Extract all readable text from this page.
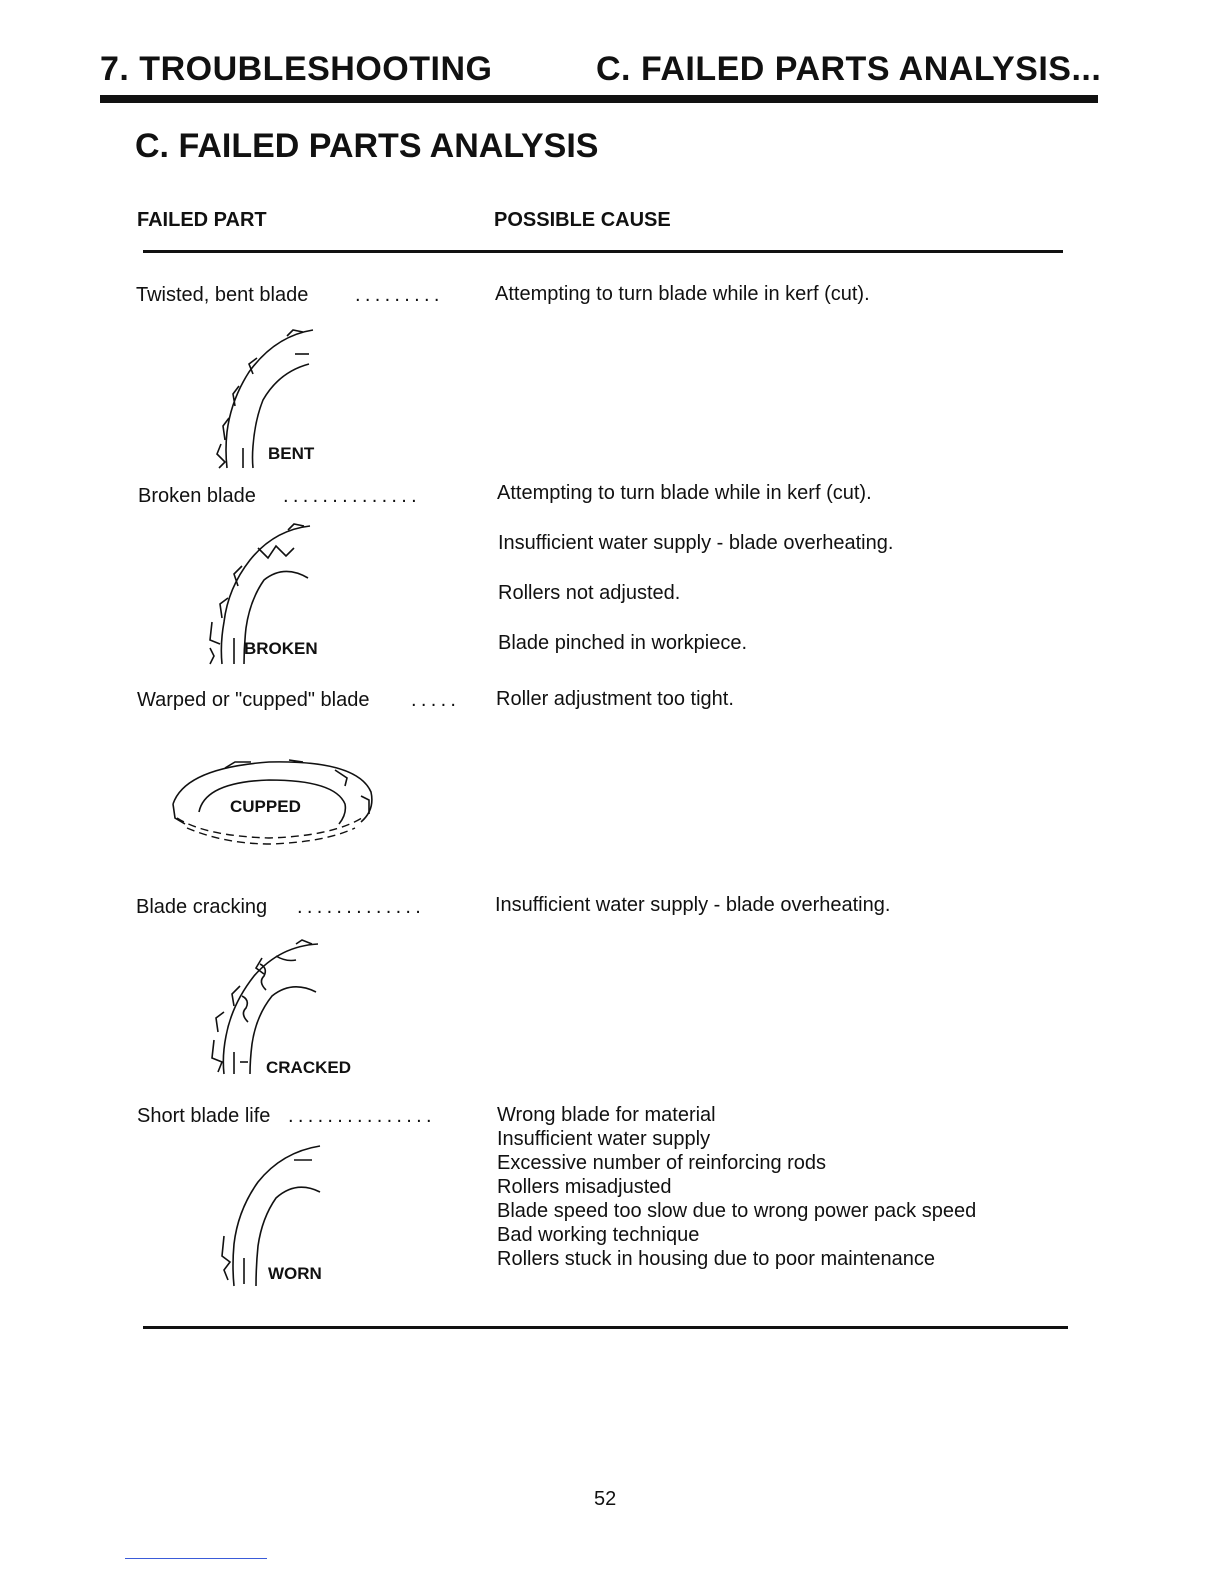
7. TROUBLESHOOTING	C. FAILED PARTS ANALYSIS...
C. FAILED PARTS ANALYSIS
FAILED PART	POSSIBLE CAUSE
Twisted, bent blade .........	Attempting to turn blade while in kerf (cut).
BENT
Broken blade ..............	Attempting to turn blade while in kerf (cut).
Insufficient water supply - blade overheating.
Rollers not adjusted.
Blade pinched in workpiece.
BROKEN
Warped or "cupped" blade ..... Roller adjustment too tight.
CUPPED
Blade cracking .............	Insufficient water supply - blade overheating.
CRACKED
Short blade life ...............	Wrong blade for material
Insufficient water supply
Excessive number of reinforcing rods
Rollers misadjusted
Blade speed too slow due to wrong power pack speed
Bad working technique
Rollers stuck in housing due to poor maintenance
WORN
52
